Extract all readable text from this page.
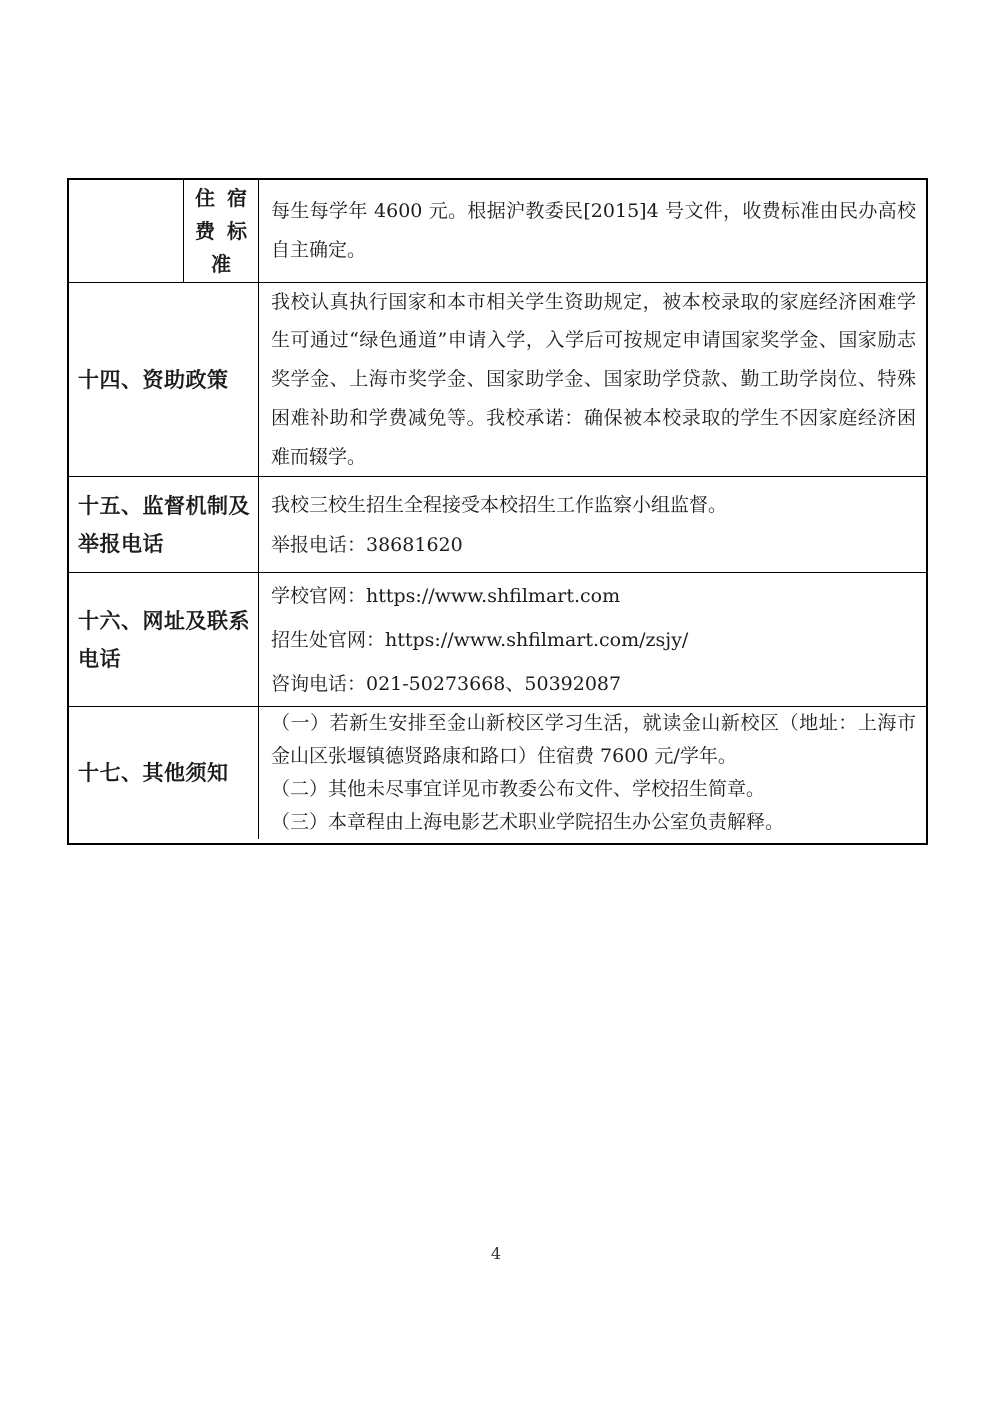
住 宿
费 标
准
每生每学年 4600 元。根据沪教委民[2015]4 号文件，收费标准由民办高校自主确定。
十四、资助政策
我校认真执行国家和本市相关学生资助规定，被本校录取的家庭经济困难学生可通过“绿色通道”申请入学，入学后可按规定申请国家奖学金、国家励志奖学金、上海市奖学金、国家助学金、国家助学贷款、勤工助学岗位、特殊困难补助和学费减免等。我校承诺：确保被本校录取的学生不因家庭经济困难而辍学。
十五、监督机制及举报电话
我校三校生招生全程接受本校招生工作监察小组监督。
举报电话：38681620
十六、网址及联系电话
学校官网：https://www.shfilmart.com
招生处官网：https://www.shfilmart.com/zsjy/
咨询电话：021-50273668、50392087
十七、其他须知
（一）若新生安排至金山新校区学习生活，就读金山新校区（地址：上海市金山区张堰镇德贤路康和路口）住宿费 7600 元/学年。
（二）其他未尽事宜详见市教委公布文件、学校招生简章。
（三）本章程由上海电影艺术职业学院招生办公室负责解释。
4
